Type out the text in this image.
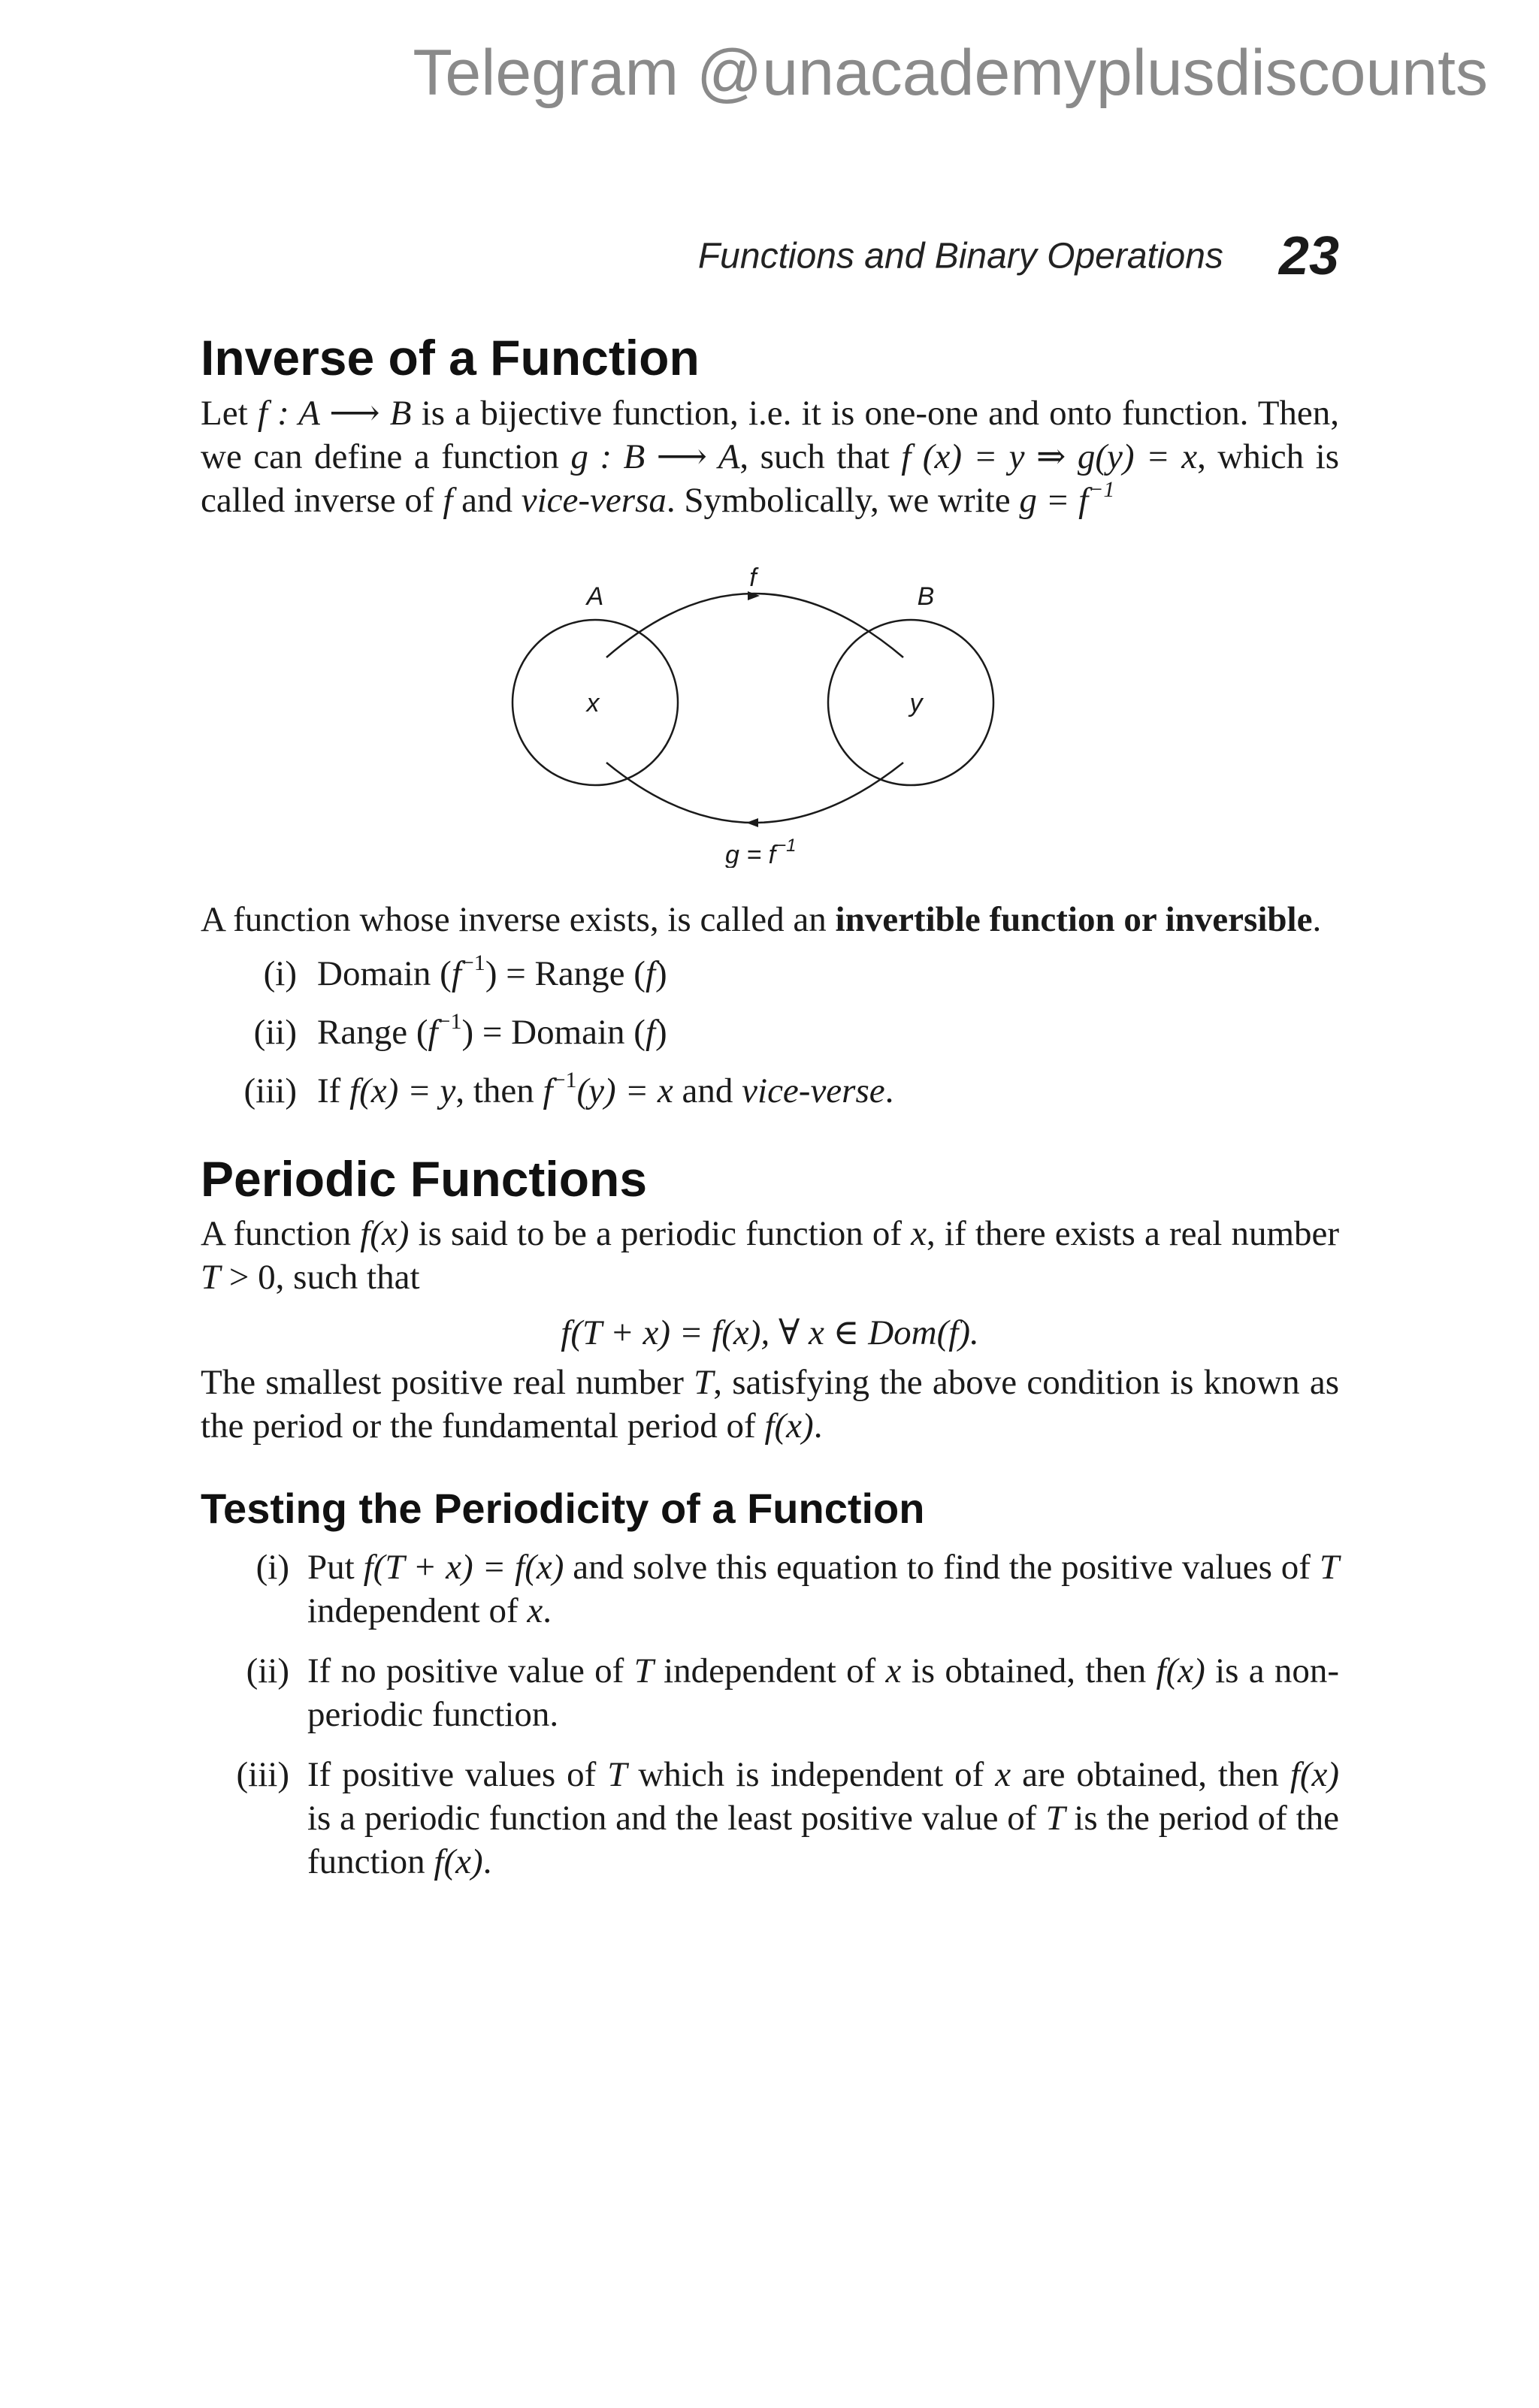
Telegram @unacademyplusdiscounts
Functions and Binary Operations 23
Inverse of a Function

Let f : A ⟶ B is a bijective function, i.e. it is one-one and onto function. Then, we can define a function g : B ⟶ A, such that f (x) = y ⇒ g(y) = x, which is called inverse of f and vice-versa. Symbolically, we write $g = f^{-1}$

A	B
f
x	y
$g = f^{-1}$

A function whose inverse exists, is called an invertible function or inversible.

(i) Domain $(f^{-1})$ = Range (f)
(ii) Range $(f^{-1})$ = Domain (f)
(iii) If f(x) = y, then $f^{-1}(y) = x$ and vice-verse.
Periodic Functions

A function f(x) is said to be a periodic function of x, if there exists a real number T > 0, such that

f(T + x) = f(x), ∀ x ∈ Dom(f).

The smallest positive real number T, satisfying the above condition is known as the period or the fundamental period of f(x).

Testing the Periodicity of a Function
(i) Put f(T + x) = f(x) and solve this equation to find the positive values of T independent of x.
(ii) If no positive value of T independent of x is obtained, then f(x) is a non-periodic function.
(iii) If positive values of T which is independent of x are obtained, then f(x) is a periodic function and the least positive value of T is the period of the function f(x).
